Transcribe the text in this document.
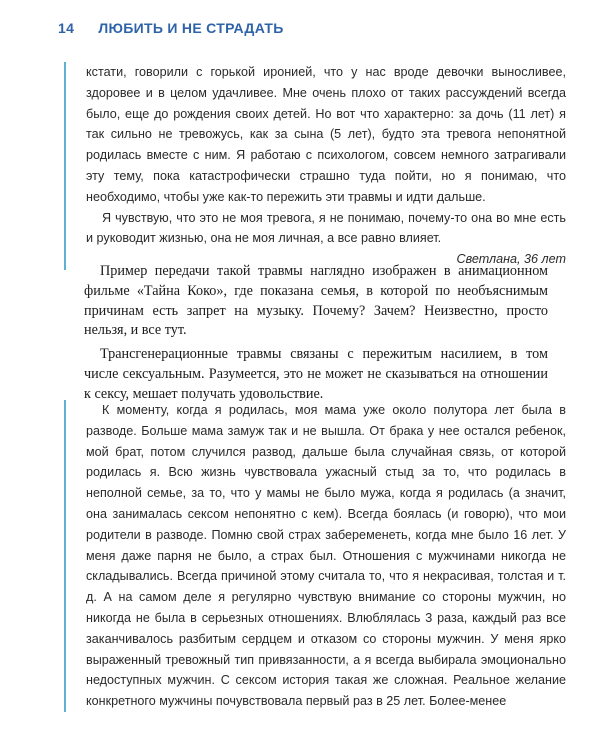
14 ЛЮБИТЬ И НЕ СТРАДАТЬ

кстати, говорили с горькой иронией, что у нас вроде девочки выносливее, здоровее и в целом удачливее. Мне очень плохо от таких рассуждений всегда было, еще до рождения своих детей. Но вот что характерно: за дочь (11 лет) я так сильно не тревожусь, как за сына (5 лет), будто эта тревога непонятной родилась вместе с ним. Я работаю с психологом, совсем немного затрагивали эту тему, пока катастрофически страшно туда пойти, но я понимаю, что необходимо, чтобы уже как-то пережить эти травмы и идти дальше.

Я чувствую, что это не моя тревога, я не понимаю, почему-то она во мне есть и руководит жизнью, она не моя личная, а все равно влияет.

Светлана, 36 лет

Пример передачи такой травмы наглядно изображен в анимационном фильме «Тайна Коко», где показана семья, в которой по необъяснимым причинам есть запрет на музыку. Почему? Зачем? Неизвестно, просто нельзя, и все тут.

Трансгенерационные травмы связаны с пережитым насилием, в том числе сексуальным. Разумеется, это не может не сказываться на отношении к сексу, мешает получать удовольствие.

К моменту, когда я родилась, моя мама уже около полутора лет была в разводе. Больше мама замуж так и не вышла. От брака у нее остался ребенок, мой брат, потом случился развод, дальше была случайная связь, от которой родилась я. Всю жизнь чувствовала ужасный стыд за то, что родилась в неполной семье, за то, что у мамы не было мужа, когда я родилась (а значит, она занималась сексом непонятно с кем). Всегда боялась (и говорю), что мои родители в разводе. Помню свой страх забеременеть, когда мне было 16 лет. У меня даже парня не было, а страх был. Отношения с мужчинами никогда не складывались. Всегда причиной этому считала то, что я некрасивая, толстая и т. д. А на самом деле я регулярно чувствую внимание со стороны мужчин, но никогда не была в серьезных отношениях. Влюблялась 3 раза, каждый раз все заканчивалось разбитым сердцем и отказом со стороны мужчин. У меня ярко выраженный тревожный тип привязанности, а я всегда выбирала эмоционально недоступных мужчин. С сексом история такая же сложная. Реальное желание конкретного мужчины почувствовала первый раз в 25 лет. Более-менее
